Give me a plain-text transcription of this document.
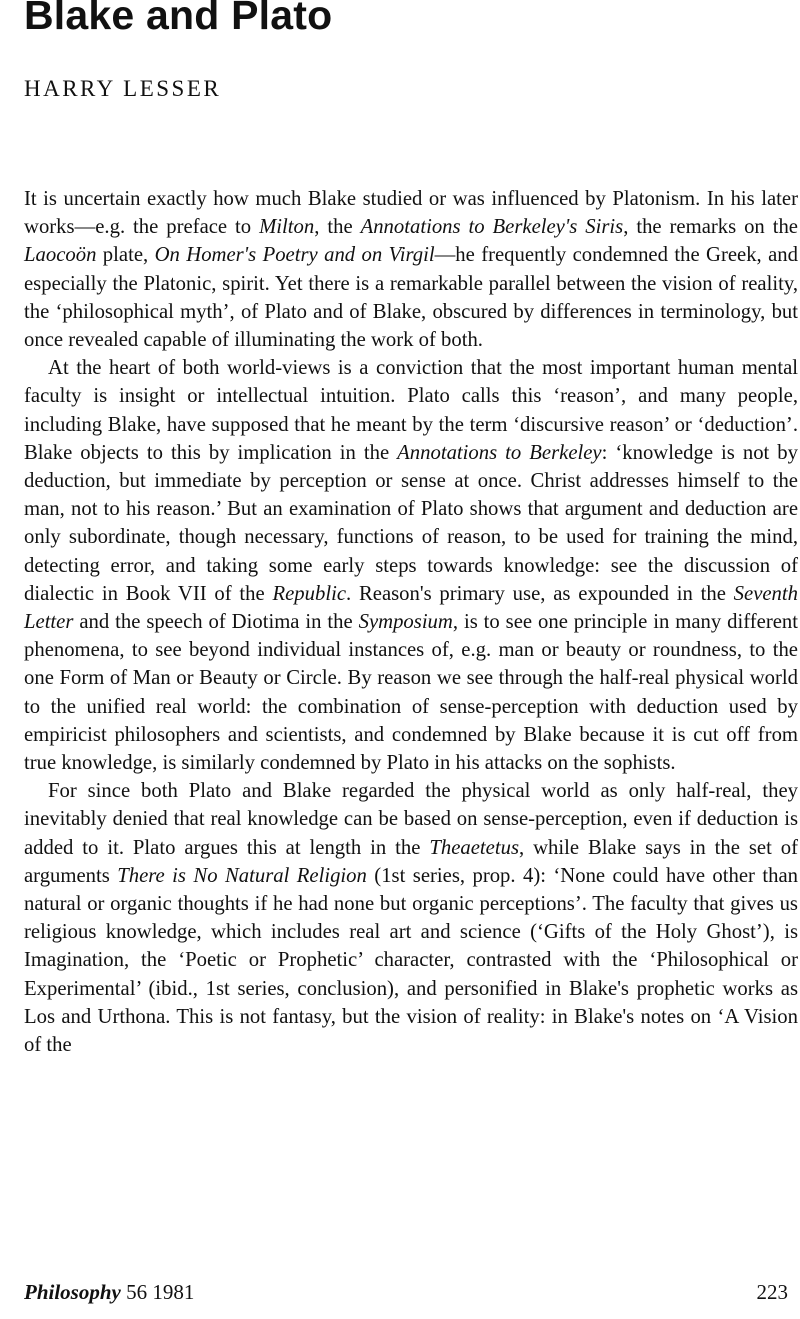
Blake and Plato
HARRY LESSER

It is uncertain exactly how much Blake studied or was influenced by Platonism. In his later works—e.g. the preface to Milton, the Annotations to Berkeley's Siris, the remarks on the Laocoön plate, On Homer's Poetry and on Virgil—he frequently condemned the Greek, and especially the Platonic, spirit. Yet there is a remarkable parallel between the vision of reality, the ‘philosophical myth’, of Plato and of Blake, obscured by differences in terminology, but once revealed capable of illuminating the work of both.

At the heart of both world-views is a conviction that the most important human mental faculty is insight or intellectual intuition. Plato calls this ‘reason’, and many people, including Blake, have supposed that he meant by the term ‘discursive reason’ or ‘deduction’. Blake objects to this by implication in the Annotations to Berkeley: ‘knowledge is not by deduction, but immediate by perception or sense at once. Christ addresses himself to the man, not to his reason.’ But an examination of Plato shows that argument and deduction are only subordinate, though necessary, functions of reason, to be used for training the mind, detecting error, and taking some early steps towards knowledge: see the discussion of dialectic in Book VII of the Republic. Reason's primary use, as expounded in the Seventh Letter and the speech of Diotima in the Symposium, is to see one principle in many different phenomena, to see beyond individual instances of, e.g. man or beauty or roundness, to the one Form of Man or Beauty or Circle. By reason we see through the half-real physical world to the unified real world: the combination of sense-perception with deduction used by empiricist philosophers and scientists, and condemned by Blake because it is cut off from true knowledge, is similarly condemned by Plato in his attacks on the sophists.

For since both Plato and Blake regarded the physical world as only half-real, they inevitably denied that real knowledge can be based on sense-perception, even if deduction is added to it. Plato argues this at length in the Theaetetus, while Blake says in the set of arguments There is No Natural Religion (1st series, prop. 4): ‘None could have other than natural or organic thoughts if he had none but organic perceptions’. The faculty that gives us religious knowledge, which includes real art and science (‘Gifts of the Holy Ghost’), is Imagination, the ‘Poetic or Prophetic’ character, contrasted with the ‘Philosophical or Experimental’ (ibid., 1st series, conclusion), and personified in Blake's prophetic works as Los and Urthona. This is not fantasy, but the vision of reality: in Blake's notes on ‘A Vision of the

Philosophy 56 1981	223
